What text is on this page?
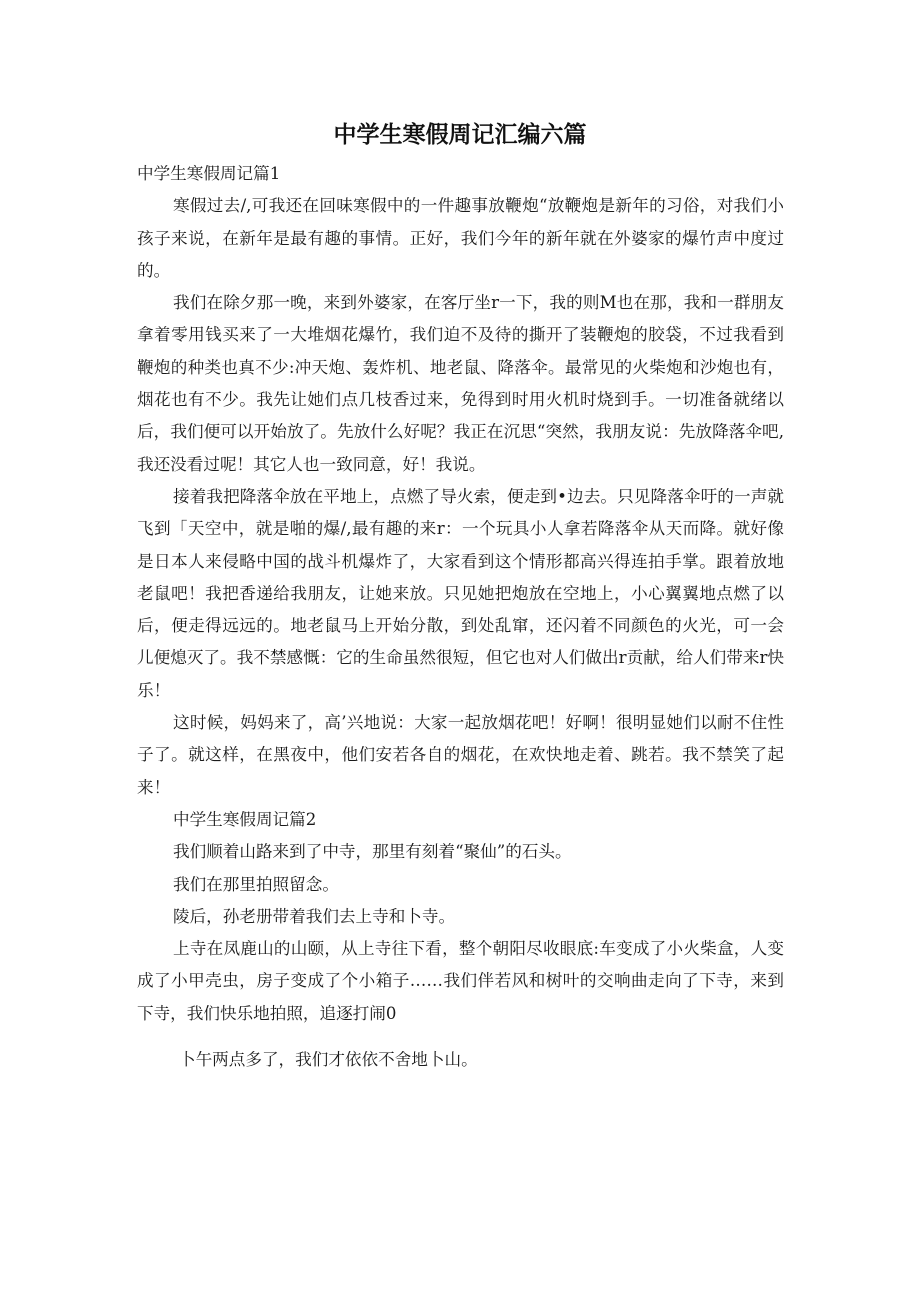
中学生寒假周记汇编六篇

中学生寒假周记篇1

寒假过去/,可我还在回味寒假中的一件趣事放鞭炮“放鞭炮是新年的习俗，对我们小孩子来说，在新年是最有趣的事情。正好，我们今年的新年就在外婆家的爆竹声中度过的。

我们在除夕那一晚，来到外婆家，在客厅坐r一下，我的则M也在那，我和一群朋友拿着零用钱买来了一大堆烟花爆竹，我们迫不及待的撕开了装鞭炮的胶袋，不过我看到鞭炮的种类也真不少:冲天炮、轰炸机、地老鼠、降落伞。最常见的火柴炮和沙炮也有，烟花也有不少。我先让她们点几枝香过来，免得到时用火机时烧到手。一切准备就绪以后，我们便可以开始放了。先放什么好呢？我正在沉思“突然，我朋友说：先放降落伞吧,我还没看过呢！其它人也一致同意，好！我说。

接着我把降落伞放在平地上，点燃了导火索，便走到•边去。只见降落伞吁的一声就飞到「天空中，就是啪的爆/,最有趣的来r：一个玩具小人拿若降落伞从天而降。就好像是日本人来侵略中国的战斗机爆炸了，大家看到这个情形都高兴得连拍手掌。跟着放地老鼠吧！我把香递给我朋友，让她来放。只见她把炮放在空地上，小心翼翼地点燃了以后，便走得远远的。地老鼠马上开始分散，到处乱窜，还闪着不同颜色的火光，可一会儿便熄灭了。我不禁感慨：它的生命虽然很短，但它也对人们做出r贡献，给人们带来r快乐！

这时候，妈妈来了，高’兴地说：大家一起放烟花吧！好啊！很明显她们以耐不住性子了。就这样，在黑夜中，他们安若各自的烟花，在欢快地走着、跳若。我不禁笑了起来！

中学生寒假周记篇2

我们顺着山路来到了中寺，那里有刻着“聚仙”的石头。

我们在那里拍照留念。

陵后，孙老册带着我们去上寺和卜寺。

上寺在凤鹿山的山颐，从上寺往下看，整个朝阳尽收眼底:车变成了小火柴盒，人变成了小甲壳虫，房子变成了个小箱子……我们伴若风和树叶的交响曲走向了下寺，来到下寺，我们快乐地拍照，追逐打闹0

卜午两点多了，我们才依依不舍地卜山。
